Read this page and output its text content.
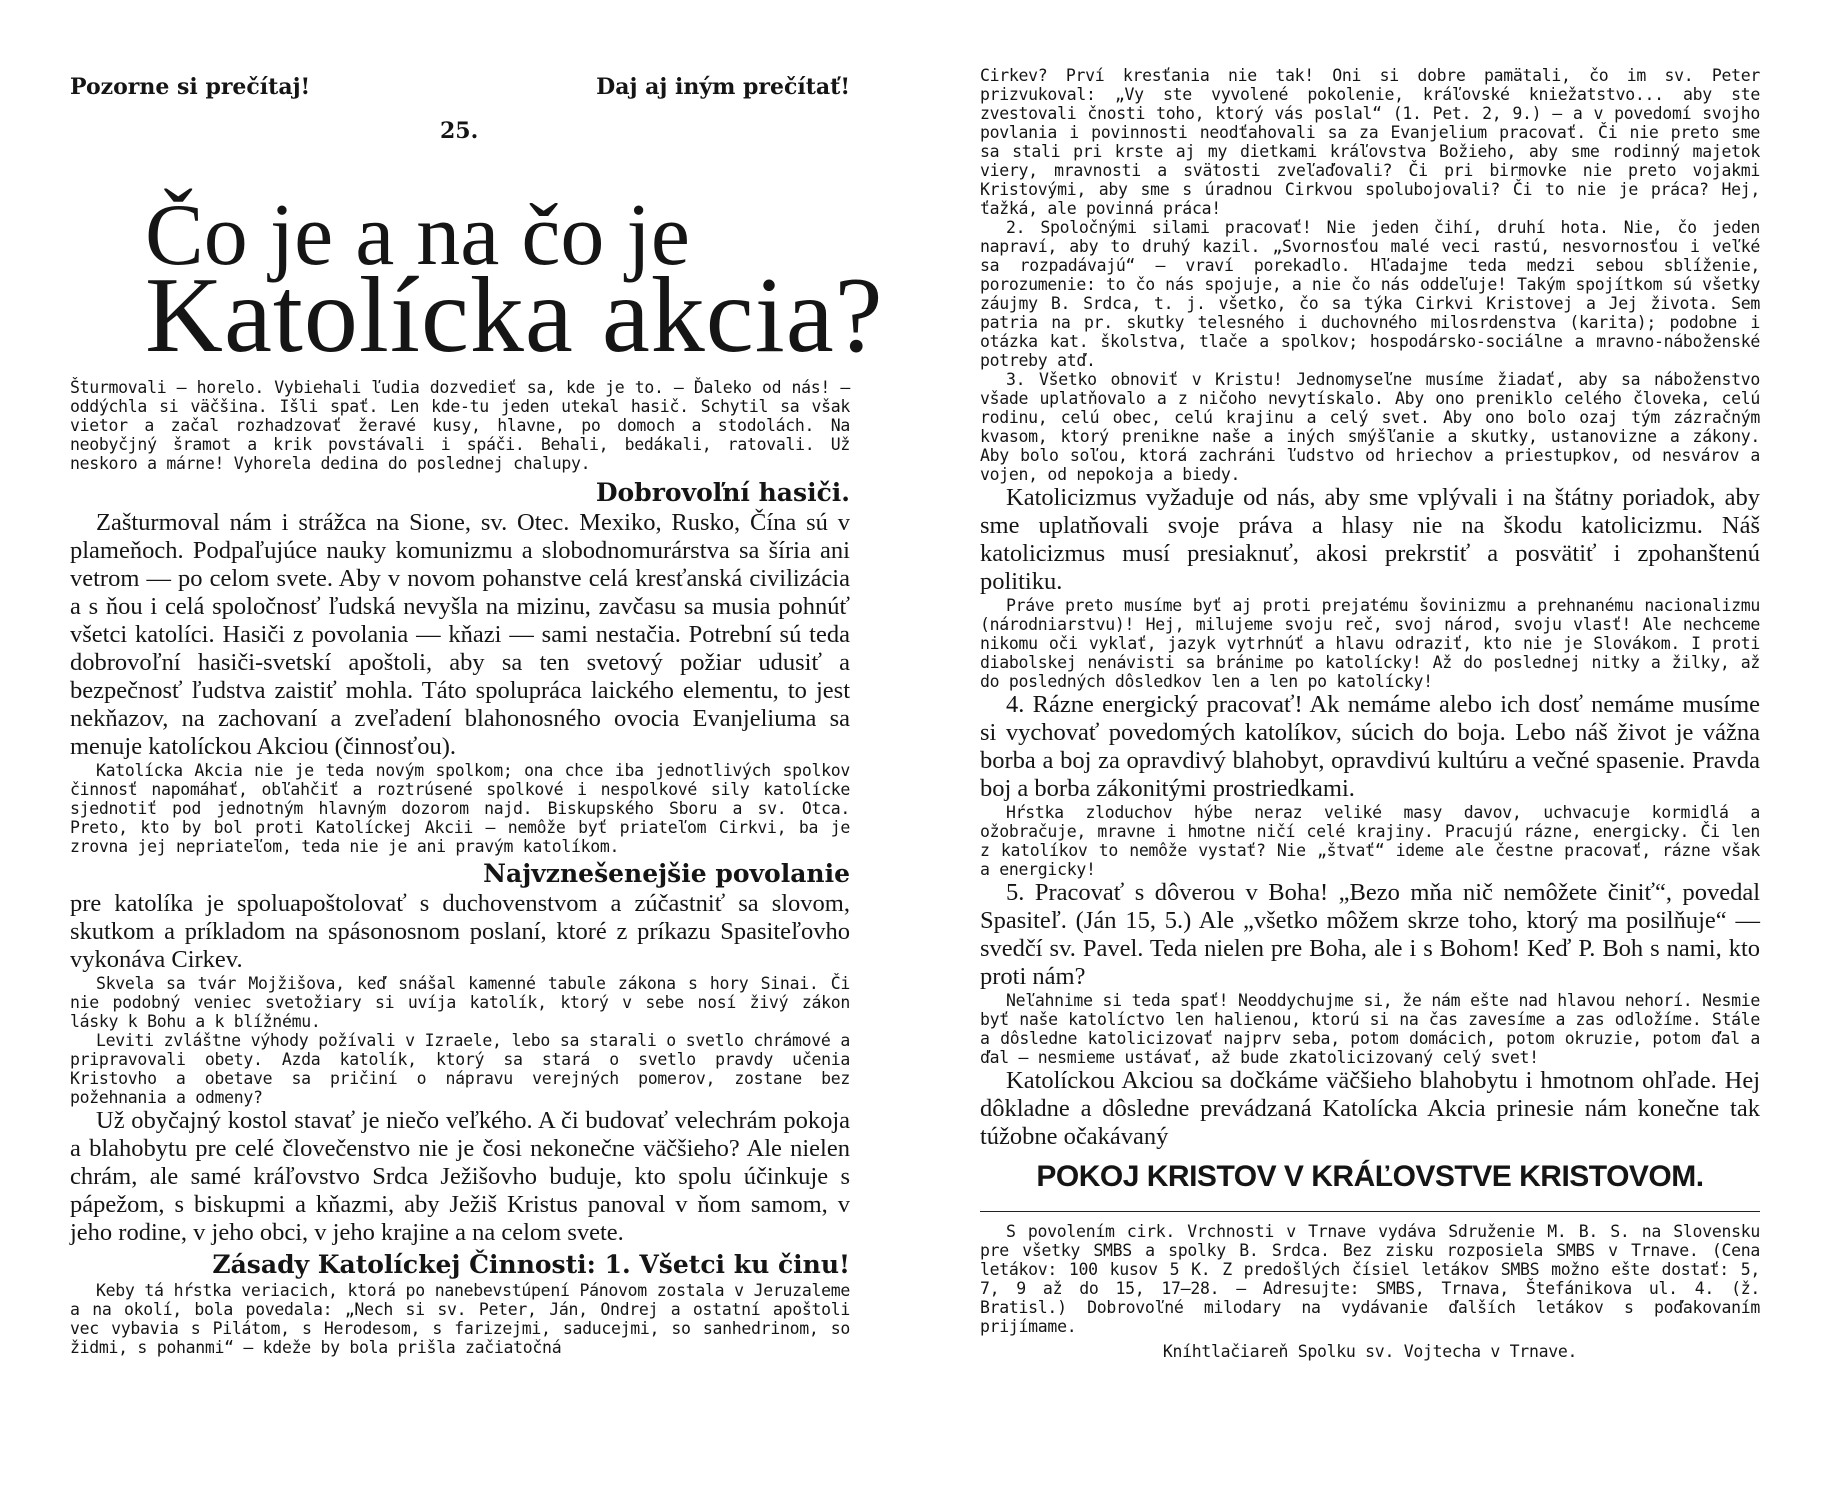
Pozorne si prečítaj!	Daj aj iným prečítať!
25.
Čo je a na čo je
Katolícka akcia?

Šturmovali — horelo. Vybiehali ľudia dozvedieť sa, kde je to. — Ďaleko od nás! — oddýchla si väčšina. Išli spať. Len kde-tu jeden utekal hasič. Schytil sa však vietor a začal rozhadzovať žeravé kusy, hlavne, po domoch a stodolách. Na neobyčjný šramot a krik povstávali i spáči. Behali, bedákali, ratovali. Už neskoro a márne! Vyhorela dedina do poslednej chalupy.

Dobrovoľní hasiči.

Zašturmoval nám i strážca na Sione, sv. Otec. Mexiko, Rusko, Čína sú v plameňoch. Podpaľujúce nauky komunizmu a slobodnomurárstva sa šíria ani vetrom — po celom svete. Aby v novom pohanstve celá kresťanská civilizácia a s ňou i celá spoločnosť ľudská nevyšla na mizinu, zavčasu sa musia pohnúť všetci katolíci. Hasiči z povolania — kňazi — sami nestačia. Potrební sú teda dobrovoľní hasiči-svetskí apoštoli, aby sa ten svetový požiar udusiť a bezpečnosť ľudstva zaistiť mohla. Táto spolupráca laického elementu, to jest nekňazov, na zachovaní a zveľadení blahonosného ovocia Evanjeliuma sa menuje katolíckou Akciou (činnosťou).

Katolícka Akcia nie je teda novým spolkom; ona chce iba jednotlivých spolkov činnosť napomáhať, obľahčiť a roztrúsené spolkové i nespolkové sily katolícke sjednotiť pod jednotným hlavným dozorom najd. Biskupského Sboru a sv. Otca. Preto, kto by bol proti Katolíckej Akcii — nemôže byť priateľom Cirkvi, ba je zrovna jej nepriateľom, teda nie je ani pravým katolíkom.

Najvznešenejšie povolanie

pre katolíka je spoluapoštolovať s duchovenstvom a zúčastniť sa slovom, skutkom a príkladom na spásonosnom poslaní, ktoré z príkazu Spasiteľovho vykonáva Cirkev.

Skvela sa tvár Mojžišova, keď snášal kamenné tabule zákona s hory Sinai. Či nie podobný veniec svetožiary si uvíja katolík, ktorý v sebe nosí živý zákon lásky k Bohu a k blížnému.

Leviti zvláštne výhody požívali v Izraele, lebo sa starali o svetlo chrámové a pripravovali obety. Azda katolík, ktorý sa stará o svetlo pravdy učenia Kristovho a obetave sa pričiní o nápravu verejných pomerov, zostane bez požehnania a odmeny?

Už obyčajný kostol stavať je niečo veľkého. A či budovať velechrám pokoja a blahobytu pre celé človečenstvo nie je čosi nekonečne väčšieho? Ale nielen chrám, ale samé kráľovstvo Srdca Ježišovho buduje, kto spolu účinkuje s pápežom, s biskupmi a kňazmi, aby Ježiš Kristus panoval v ňom samom, v jeho rodine, v jeho obci, v jeho krajine a na celom svete.

Zásady Katolíckej Činnosti: 1. Všetci ku činu!

Keby tá hŕstka veriacich, ktorá po nanebevstúpení Pánovom zostala v Jeruzaleme a na okolí, bola povedala: „Nech si sv. Peter, Ján, Ondrej a ostatní apoštoli vec vybavia s Pilátom, s Herodesom, s farizejmi, saducejmi, so sanhedrinom, so židmi, s pohanmi“ — kdeže by bola prišla začiatočná

Cirkev? Prví kresťania nie tak! Oni si dobre pamätali, čo im sv. Peter prizvukoval: „Vy ste vyvolené pokolenie, kráľovské kniežatstvo... aby ste zvestovali čnosti toho, ktorý vás poslal“ (1. Pet. 2, 9.) — a v povedomí svojho povlania i povinnosti neodťahovali sa za Evanjelium pracovať. Či nie preto sme sa stali pri krste aj my dietkami kráľovstva Božieho, aby sme rodinný majetok viery, mravnosti a svätosti zveľaďovali? Či pri birmovke nie preto vojakmi Kristovými, aby sme s úradnou Cirkvou spolubojovali? Či to nie je práca? Hej, ťažká, ale povinná práca!

2. Spoločnými silami pracovať! Nie jeden čihí, druhí hota. Nie, čo jeden napraví, aby to druhý kazil. „Svornosťou malé veci rastú, nesvornosťou i veľké sa rozpadávajú“ — vraví porekadlo. Hľadajme teda medzi sebou sblíženie, porozumenie: to čo nás spojuje, a nie čo nás oddeľuje! Takým spojítkom sú všetky záujmy B. Srdca, t. j. všetko, čo sa týka Cirkvi Kristovej a Jej života. Sem patria na pr. skutky telesného i duchovného milosrdenstva (karita); podobne i otázka kat. školstva, tlače a spolkov; hospodársko-sociálne a mravno-náboženské potreby atď.

3. Všetko obnoviť v Kristu! Jednomyseľne musíme žiadať, aby sa náboženstvo všade uplatňovalo a z ničoho nevytískalo. Aby ono preniklo celého človeka, celú rodinu, celú obec, celú krajinu a celý svet. Aby ono bolo ozaj tým zázračným kvasom, ktorý prenikne naše a iných smýšľanie a skutky, ustanovizne a zákony. Aby bolo soľou, ktorá zachráni ľudstvo od hriechov a priestupkov, od nesvárov a vojen, od nepokoja a biedy.

Katolicizmus vyžaduje od nás, aby sme vplývali i na štátny poriadok, aby sme uplatňovali svoje práva a hlasy nie na škodu katolicizmu. Náš katolicizmus musí presiaknuť, akosi prekrstiť a posvätiť i zpohanštenú politiku.

Práve preto musíme byť aj proti prejatému šovinizmu a prehnanému nacionalizmu (národniarstvu)! Hej, milujeme svoju reč, svoj národ, svoju vlasť! Ale nechceme nikomu oči vyklať, jazyk vytrhnúť a hlavu odraziť, kto nie je Slovákom. I proti diabolskej nenávisti sa bránime po katolícky! Až do poslednej nitky a žilky, až do posledných dôsledkov len a len po katolícky!

4. Rázne energický pracovať! Ak nemáme alebo ich dosť nemáme musíme si vychovať povedomých katolíkov, súcich do boja. Lebo náš život je vážna borba a boj za opravdivý blahobyt, opravdivú kultúru a večné spasenie. Pravda boj a borba zákonitými prostriedkami.

Hŕstka zloduchov hýbe neraz veliké masy davov, uchvacuje kormidlá a ožobračuje, mravne i hmotne ničí celé krajiny. Pracujú rázne, energicky. Či len z katolíkov to nemôže vystať? Nie „štvať“ ideme ale čestne pracovať, rázne však a energicky!

5. Pracovať s dôverou v Boha! „Bezo mňa nič nemôžete činiť“, povedal Spasiteľ. (Ján 15, 5.) Ale „všetko môžem skrze toho, ktorý ma posilňuje“ — svedčí sv. Pavel. Teda nielen pre Boha, ale i s Bohom! Keď P. Boh s nami, kto proti nám?

Neľahnime si teda spať! Neoddychujme si, že nám ešte nad hlavou nehorí. Nesmie byť naše katolíctvo len halienou, ktorú si na čas zavesíme a zas odložíme. Stále a dôsledne katolicizovať najprv seba, potom domácich, potom okruzie, potom ďal a ďal — nesmieme ustávať, až bude zkatolicizovaný celý svet!

Katolíckou Akciou sa dočkáme väčšieho blahobytu i hmotnom ohľade. Hej dôkladne a dôsledne prevádzaná Katolícka Akcia prinesie nám konečne tak túžobne očakávaný

POKOJ KRISTOV V KRÁĽOVSTVE KRISTOVOM.

S povolením cirk. Vrchnosti v Trnave vydáva Sdruženie M. B. S. na Slovensku pre všetky SMBS a spolky B. Srdca. Bez zisku rozposiela SMBS v Trnave. (Cena letákov: 100 kusov 5 K. Z predošlých čísiel letákov SMBS možno ešte dostať: 5, 7, 9 až do 15, 17—28. — Adresujte: SMBS, Trnava, Štefánikova ul. 4. (ž. Bratisl.) Dobrovoľné milodary na vydávanie ďalších letákov s poďakovaním prijímame.

Kníhtlačiareň Spolku sv. Vojtecha v Trnave.
